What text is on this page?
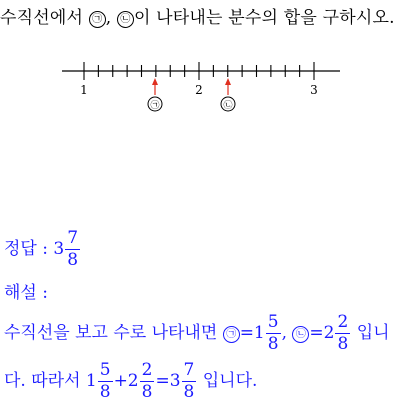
수직선에서 ㉠ , ㉡ 이 나타내는 분수의 합을 구하시오.
1	2	3
㉠	㉡
정답 : $3 \frac{7}{8}$
해설 :
수직선을 보고 수로 나타내면 ㉠ $=1 \frac{5}{8}$ , ㉡ $=2 \frac{2}{8}$ 입니
다. 따라서 $1 \frac{5}{8} +2 \frac{2}{8} =3 \frac{7}{8}$ 입니다.
